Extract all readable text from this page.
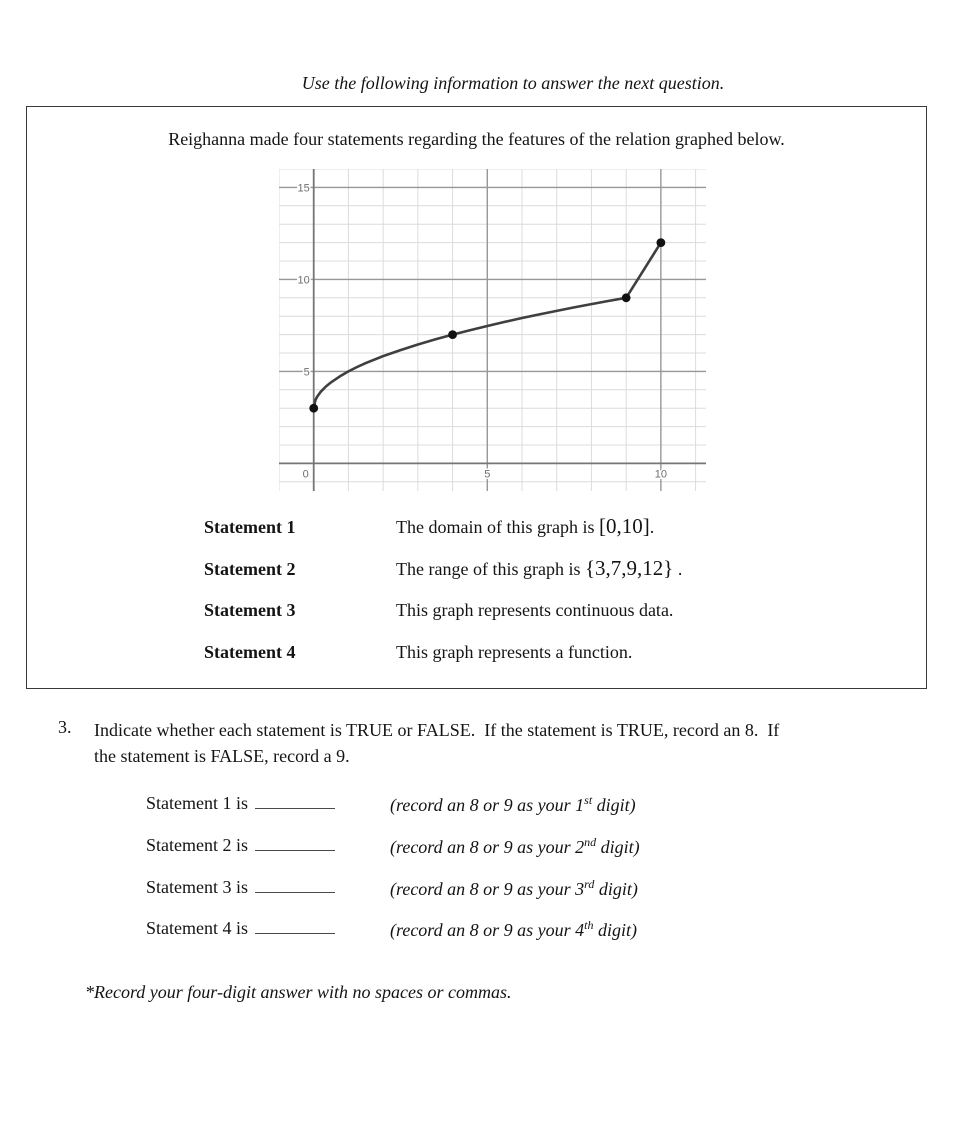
Use the following information to answer the next question.
Reighanna made four statements regarding the features of the relation graphed below.
5
10
15
0	5	10
Statement 1	The domain of this graph is [0,10].
Statement 2	The range of this graph is {3,7,9,12} .
Statement 3	This graph represents continuous data.
Statement 4	This graph represents a function.
3. Indicate whether each statement is TRUE or FALSE.  If the statement is TRUE, record an 8.  If
the statement is FALSE, record a 9.
Statement 1 is	(record an 8 or 9 as your 1st digit)
Statement 2 is	(record an 8 or 9 as your 2nd digit)
Statement 3 is	(record an 8 or 9 as your 3rd digit)
Statement 4 is	(record an 8 or 9 as your 4th digit)
*Record your four-digit answer with no spaces or commas.
